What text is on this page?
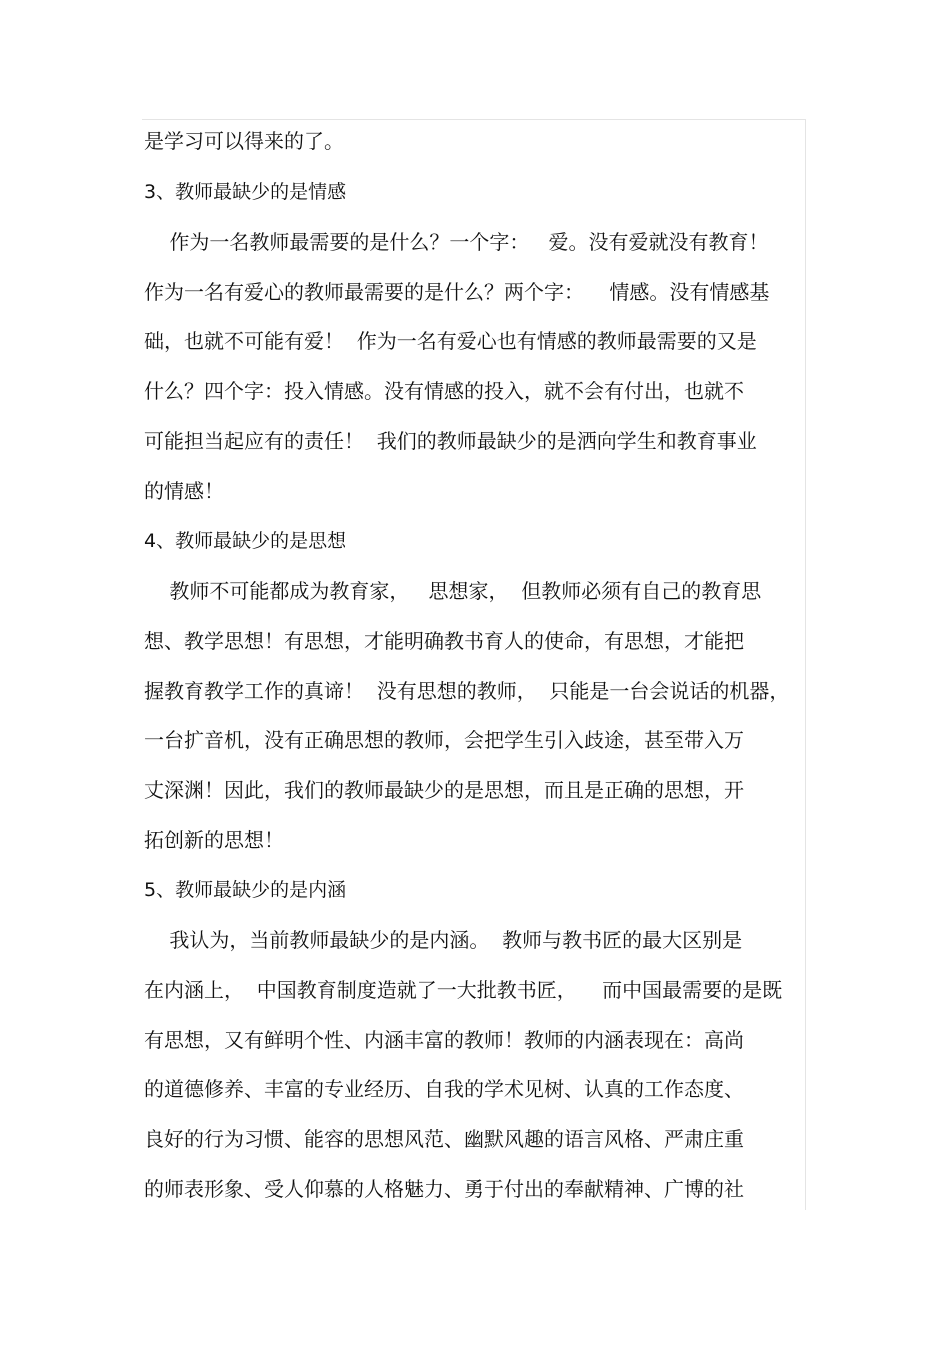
是学习可以得来的了。
3、教师最缺少的是情感
作为一名教师最需要的是什么？一个字：   爱。没有爱就没有教育！
作为一名有爱心的教师最需要的是什么？两个字：    情感。没有情感基
础，也就不可能有爱！  作为一名有爱心也有情感的教师最需要的又是
什么？四个字：投入情感。没有情感的投入，就不会有付出，也就不
可能担当起应有的责任！  我们的教师最缺少的是洒向学生和教育事业
的情感！
4、教师最缺少的是思想
教师不可能都成为教育家，   思想家，  但教师必须有自己的教育思
想、教学思想！有思想，才能明确教书育人的使命，有思想，才能把
握教育教学工作的真谛！  没有思想的教师，  只能是一台会说话的机器，
一台扩音机，没有正确思想的教师，会把学生引入歧途，甚至带入万
丈深渊！因此，我们的教师最缺少的是思想，而且是正确的思想，开
拓创新的思想！
5、教师最缺少的是内涵
我认为，当前教师最缺少的是内涵。  教师与教书匠的最大区别是
在内涵上，  中国教育制度造就了一大批教书匠，    而中国最需要的是既
有思想，又有鲜明个性、内涵丰富的教师！教师的内涵表现在：高尚
的道德修养、丰富的专业经历、自我的学术见树、认真的工作态度、
良好的行为习惯、能容的思想风范、幽默风趣的语言风格、严肃庄重
的师表形象、受人仰慕的人格魅力、勇于付出的奉献精神、广博的社
